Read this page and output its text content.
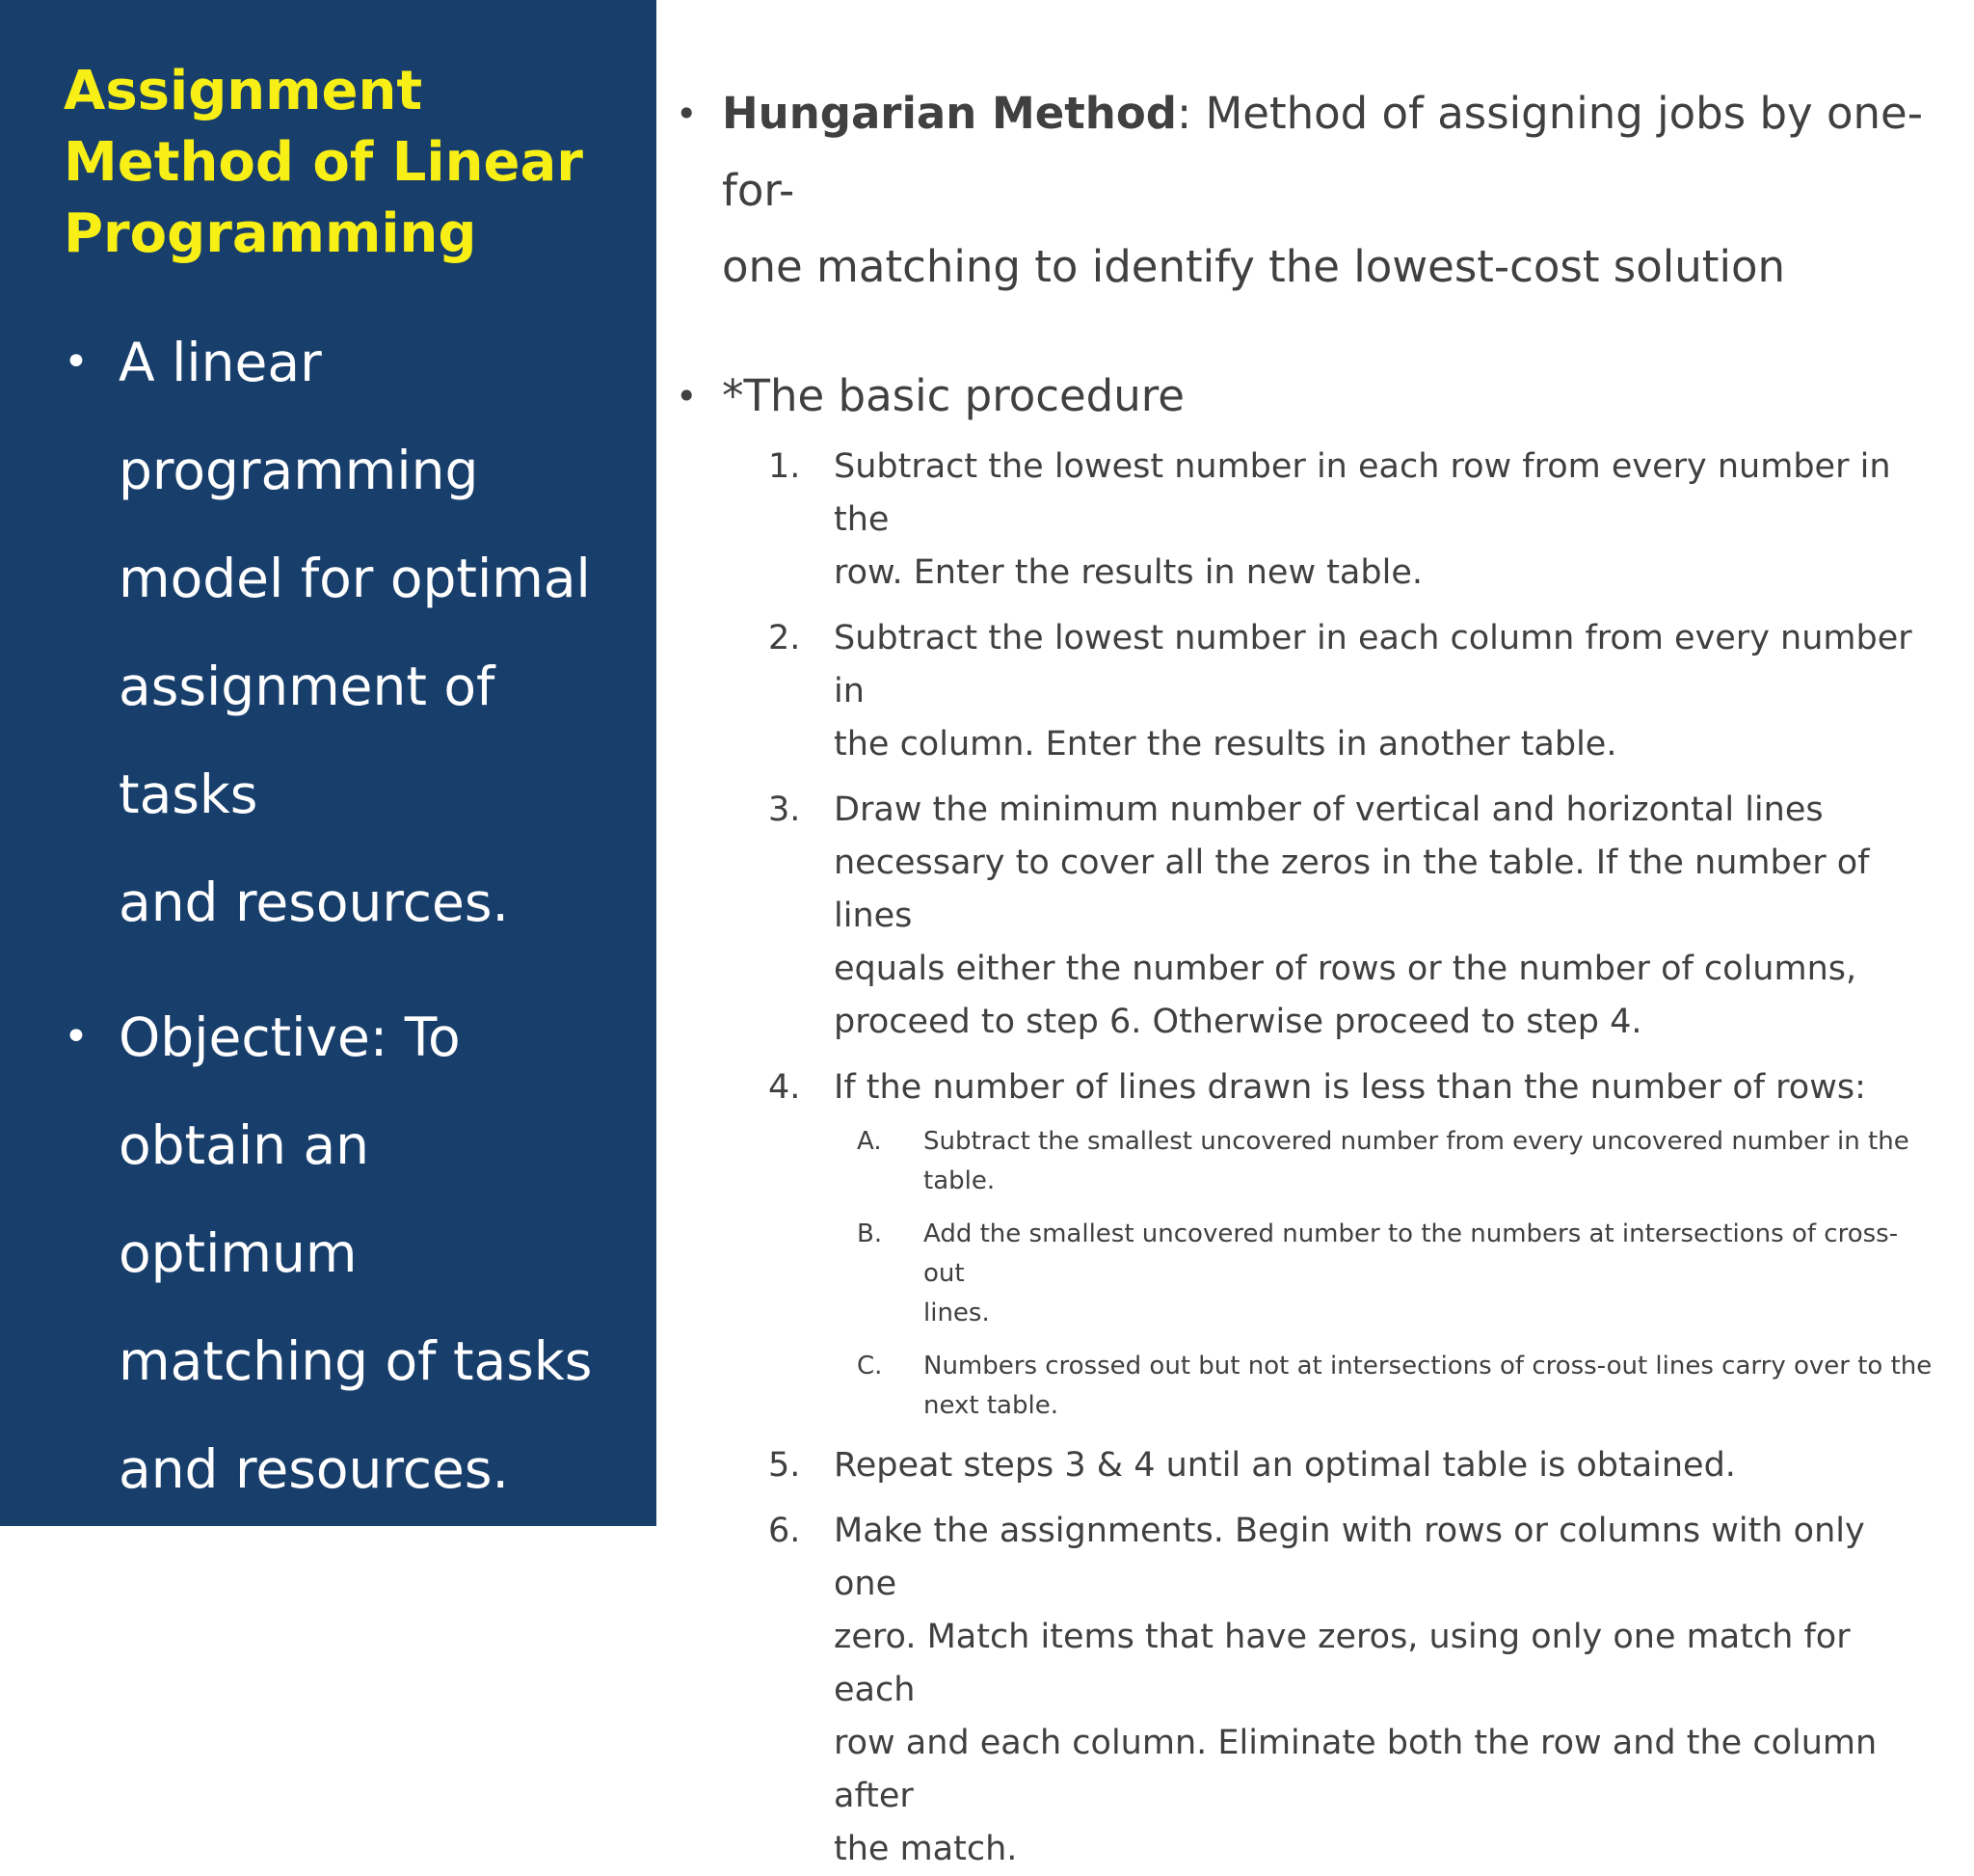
Assignment
Method of Linear
Programming
• A linear
programming
model for optimal
assignment of tasks
and resources.
• Objective: To
obtain an optimum
matching of tasks
and resources.
• Hungarian Method: Method of assigning jobs by one-for-
one matching to identify the lowest-cost solution
• *The basic procedure
1. Subtract the lowest number in each row from every number in the
row. Enter the results in new table.
2. Subtract the lowest number in each column from every number in
the column. Enter the results in another table.
3. Draw the minimum number of vertical and horizontal lines
necessary to cover all the zeros in the table. If the number of lines
equals either the number of rows or the number of columns,
proceed to step 6. Otherwise proceed to step 4.
4. If the number of lines drawn is less than the number of rows:
A. Subtract the smallest uncovered number from every uncovered number in the
table.
B. Add the smallest uncovered number to the numbers at intersections of cross-out
lines.
C. Numbers crossed out but not at intersections of cross-out lines carry over to the
next table.
5. Repeat steps 3 & 4 until an optimal table is obtained.
6. Make the assignments. Begin with rows or columns with only one
zero. Match items that have zeros, using only one match for each
row and each column. Eliminate both the row and the column after
the match.
